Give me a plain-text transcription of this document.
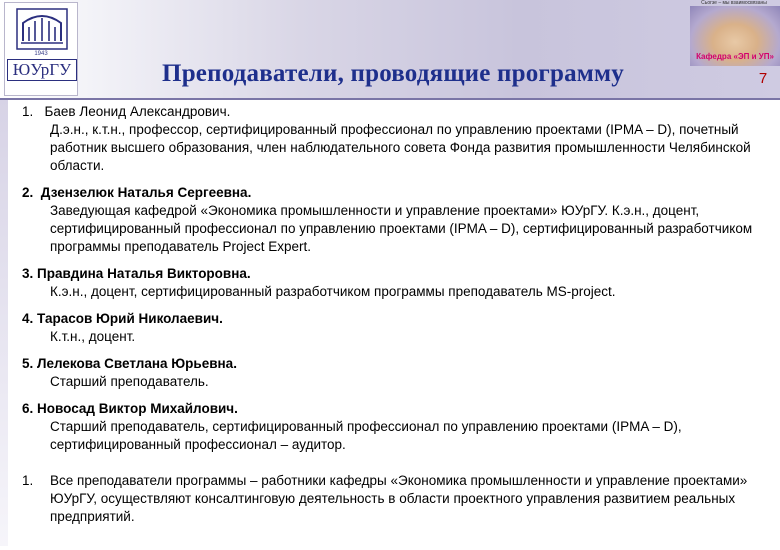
1943
ЮУрГУ
Сьогзе – мы взаимосвязаны
Кафедра «ЭП и УП»
Преподаватели, проводящие программу	7
1. Баев Леонид Александрович.
Д.э.н., к.т.н., профессор, сертифицированный профессионал по управлению проектами (IPMA – D), почетный работник высшего образования, член наблюдательного совета Фонда развития промышленности Челябинской области.
2. Дзензелюк Наталья Сергеевна.
Заведующая кафедрой «Экономика промышленности и управление проектами» ЮУрГУ. К.э.н., доцент, сертифицированный профессионал по управлению проектами (IPMA – D), сертифицированный разработчиком программы преподаватель Project Expert.
3. Правдина Наталья Викторовна.
К.э.н., доцент, сертифицированный разработчиком программы преподаватель MS-project.
4. Тарасов Юрий Николаевич.
К.т.н., доцент.
5. Лелекова Светлана Юрьевна.
Старший преподаватель.
6. Новосад Виктор Михайлович.
Старший преподаватель, сертифицированный профессионал по управлению проектами (IPMA – D), сертифицированный профессионал – аудитор.
1.	Все преподаватели программы – работники кафедры «Экономика промышленности и управление проектами» ЮУрГУ, осуществляют консалтинговую деятельность в области проектного управления развитием реальных предприятий.
